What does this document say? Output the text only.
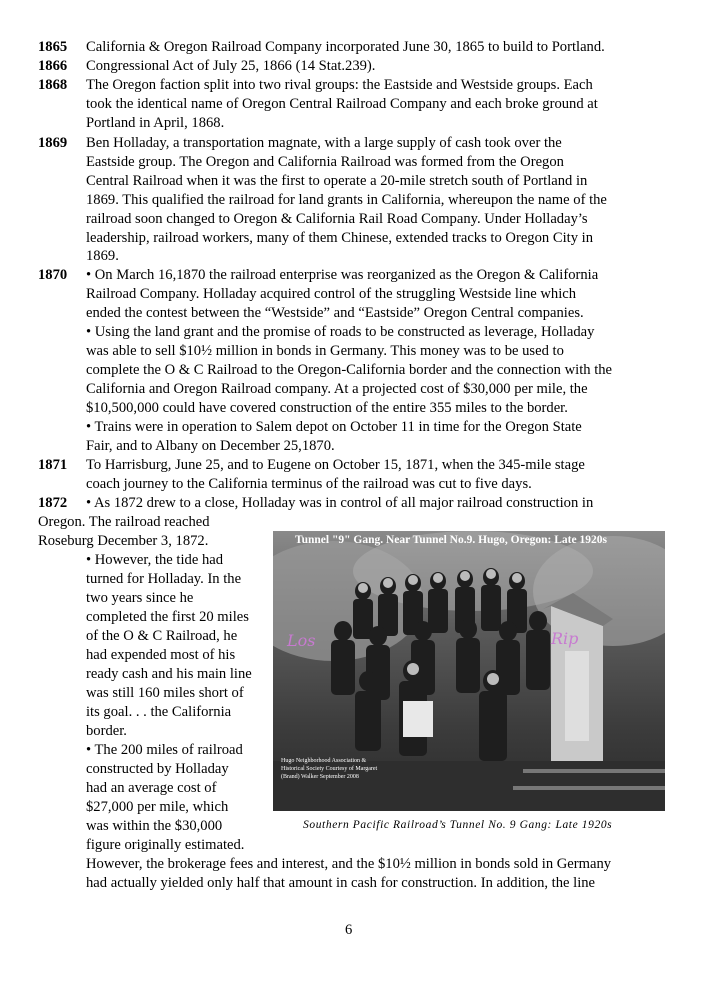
1865
1866
1868
1869
1870
1871
1872
California & Oregon Railroad Company incorporated June 30, 1865 to build to Portland.
Congressional Act of July 25, 1866 (14 Stat.239).
The Oregon faction split into two rival groups: the Eastside and Westside groups. Each
took the identical name of Oregon Central Railroad Company and each broke ground at
Portland in April, 1868.
Ben Holladay, a transportation magnate, with a large supply of cash took over the
Eastside group. The Oregon and California Railroad was formed from the Oregon
Central Railroad when it was the first to operate a 20-mile stretch south of Portland in
1869. This qualified the railroad for land grants in California, whereupon the name of the
railroad soon changed to Oregon & California Rail Road Company. Under Holladay’s
leadership, railroad workers, many of them Chinese, extended tracks to Oregon City in
1869.
• On March 16,1870 the railroad enterprise was reorganized as the Oregon & California
Railroad Company. Holladay acquired control of the struggling Westside line which
ended the contest between the “Westside” and “Eastside” Oregon Central companies.
• Using the land grant and the promise of roads to be constructed as leverage, Holladay
was able to sell $10½ million in bonds in Germany. This money was to be used to
complete the O & C Railroad to the Oregon-California border and the connection with the
California and Oregon Railroad company. At a projected cost of $30,000 per mile, the
$10,500,000 could have covered construction of the entire 355 miles to the border.
• Trains were in operation to Salem depot on October 11 in time for the Oregon State
Fair, and to Albany on December 25,1870.
To Harrisburg, June 25, and to Eugene on October 15, 1871, when the 345-mile stage
coach journey to the California terminus of the railroad was cut to five days.
• As 1872 drew to a close, Holladay was in control of all major railroad construction in
Oregon. The railroad reached
Roseburg December 3, 1872.
• However, the tide had
turned for Holladay. In the
two years since he
completed the first 20 miles
of the O & C Railroad, he
had expended most of his
ready cash and his main line
was still 160 miles short of
its goal. . . the California
border.
• The 200 miles of railroad
constructed by Holladay
had an average cost of
$27,000 per mile, which
was within the $30,000
figure originally estimated.
However, the brokerage fees and interest, and the $10½ million in bonds sold in Germany
had actually yielded only half that amount in cash for construction. In addition, the line
Tunnel "9" Gang. Near Tunnel No.9. Hugo, Oregon: Late 1920s
Los	Rip
Hugo Neighborhood Association & Historical Society Courtesy of Margaret (Brand) Walker September 2008
Southern Pacific Railroad’s Tunnel No. 9 Gang: Late 1920s
6
